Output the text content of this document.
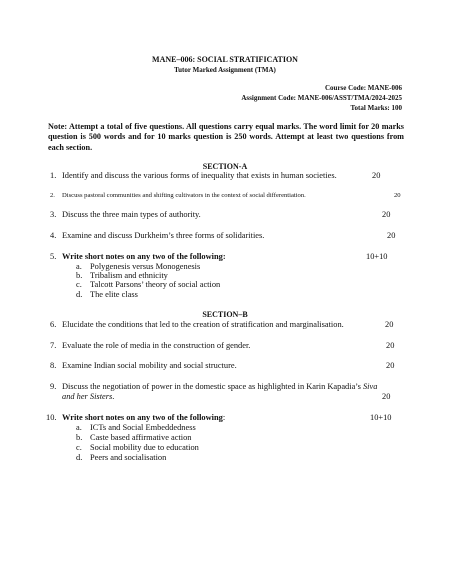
MANE–006: SOCIAL STRATIFICATION
Tutor Marked Assignment (TMA)
Course Code: MANE-006
Assignment Code: MANE-006/ASST/TMA/2024-2025
Total Marks: 100
Note: Attempt a total of five questions. All questions carry equal marks. The word limit for 20 marks question is 500 words and for 10 marks question is 250 words. Attempt at least two questions from each section.
SECTION-A
1. Identify and discuss the various forms of inequality that exists in human societies.	20
2. Discuss pastoral communities and shifting cultivators in the context of social differentiation.	20
3. Discuss the three main types of authority.	20
4. Examine and discuss Durkheim’s three forms of solidarities.	20
5. Write short notes on any two of the following:	10+10
a. Polygenesis versus Monogenesis
b. Tribalism and ethnicity
c. Talcott Parsons’ theory of social action
d. The elite class
SECTION–B
6. Elucidate the conditions that led to the creation of stratification and marginalisation.	20
7. Evaluate the role of media in the construction of gender.	20
8. Examine Indian social mobility and social structure.	20
9. Discuss the negotiation of power in the domestic space as highlighted in Karin Kapadia’s Siva
and her Sisters.	20
10. Write short notes on any two of the following:	10+10
a. ICTs and Social Embeddedness
b. Caste based affirmative action
c. Social mobility due to education
d. Peers and socialisation
